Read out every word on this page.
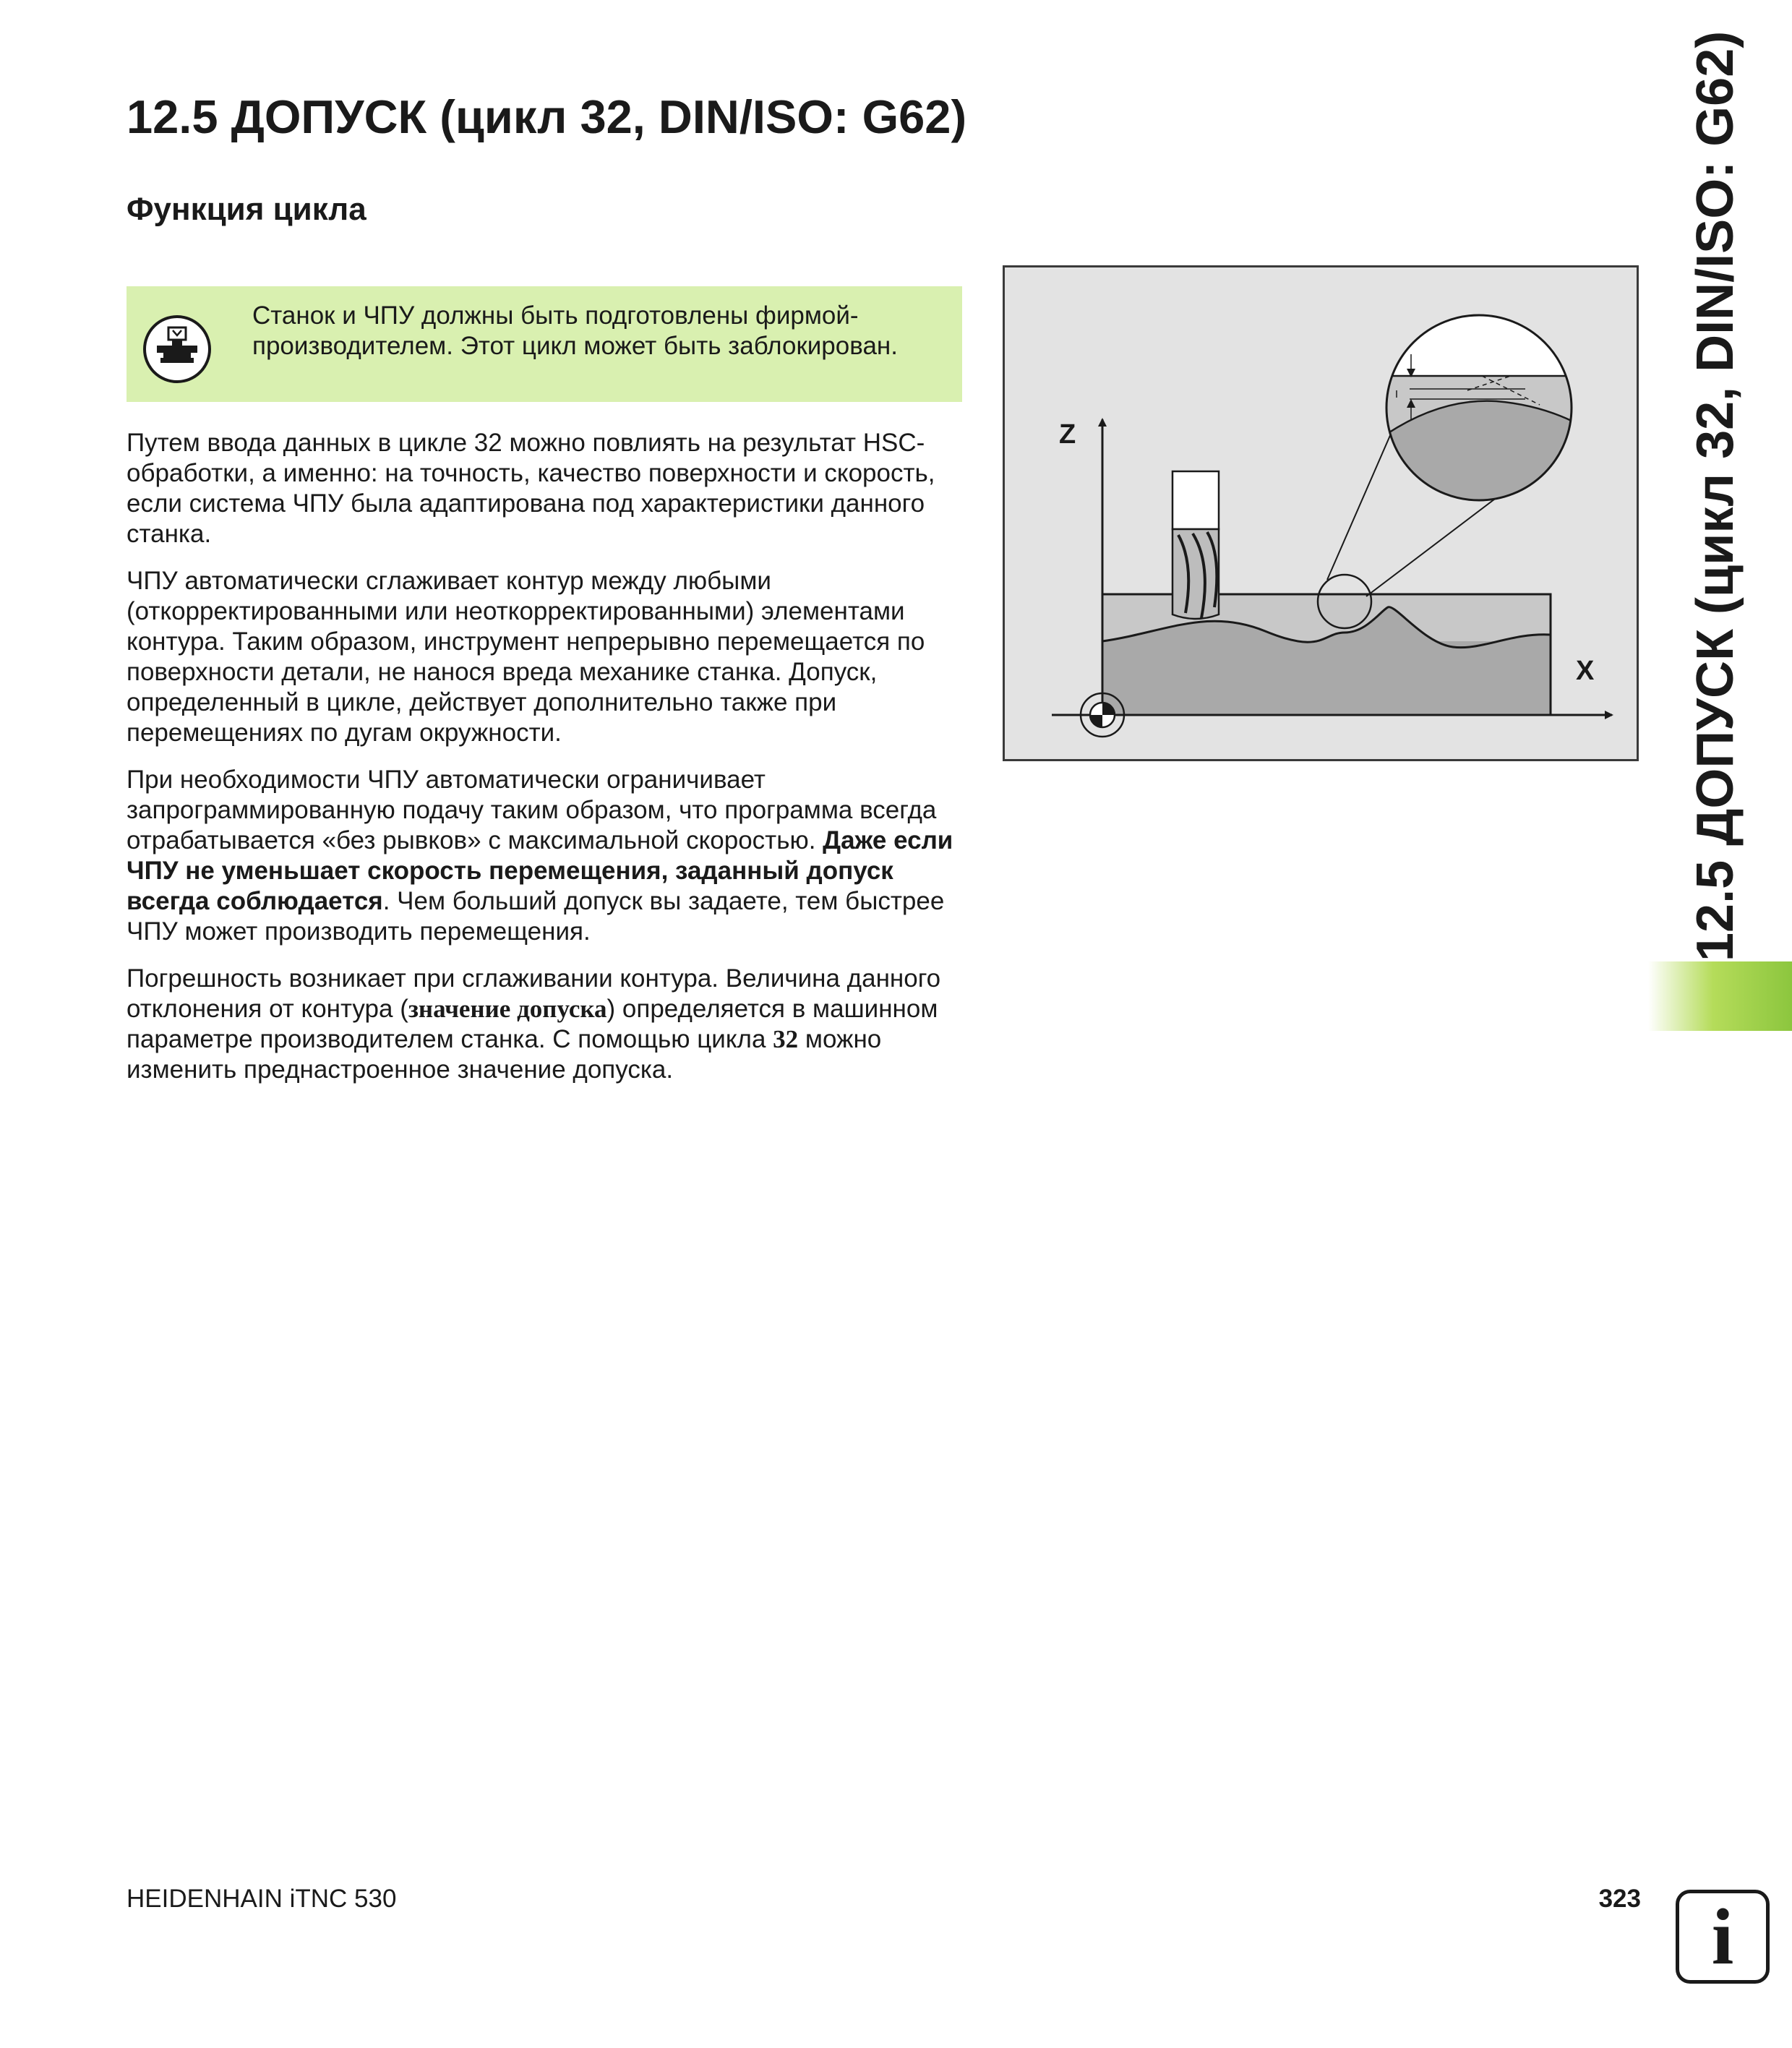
12.5 ДОПУСК (цикл 32, DIN/ISO: G62)
Функция цикла
Станок и ЧПУ должны быть подготовлены фирмой-
производителем. Этот цикл может быть заблокирован.

Путем ввода данных в цикле 32 можно повлиять на результат HSC-обработки, а именно: на точность, качество поверхности и скорость, если система ЧПУ была адаптирована под характеристики данного станка.

ЧПУ автоматически сглаживает контур между любыми (откорректированными или неоткорректированными) элементами контура. Таким образом, инструмент непрерывно перемещается по поверхности детали, не нанося вреда механике станка. Допуск, определенный в цикле, действует дополнительно также при перемещениях по дугам окружности.

При необходимости ЧПУ автоматически ограничивает запрограммированную подачу таким образом, что программа всегда отрабатывается «без рывков» с максимальной скоростью. Даже если ЧПУ не уменьшает скорость перемещения, заданный допуск всегда соблюдается. Чем больший допуск вы задаете, тем быстрее ЧПУ может производить перемещения.

Погрешность возникает при сглаживании контура. Величина данного отклонения от контура (значение допуска) определяется в машинном параметре производителем станка. С помощью цикла 32 можно изменить преднастроенное значение допуска.

Z
X 12.5 ДОПУСК (цикл 32, DIN/ISO: G62)
HEIDENHAIN iTNC 530	323 i
